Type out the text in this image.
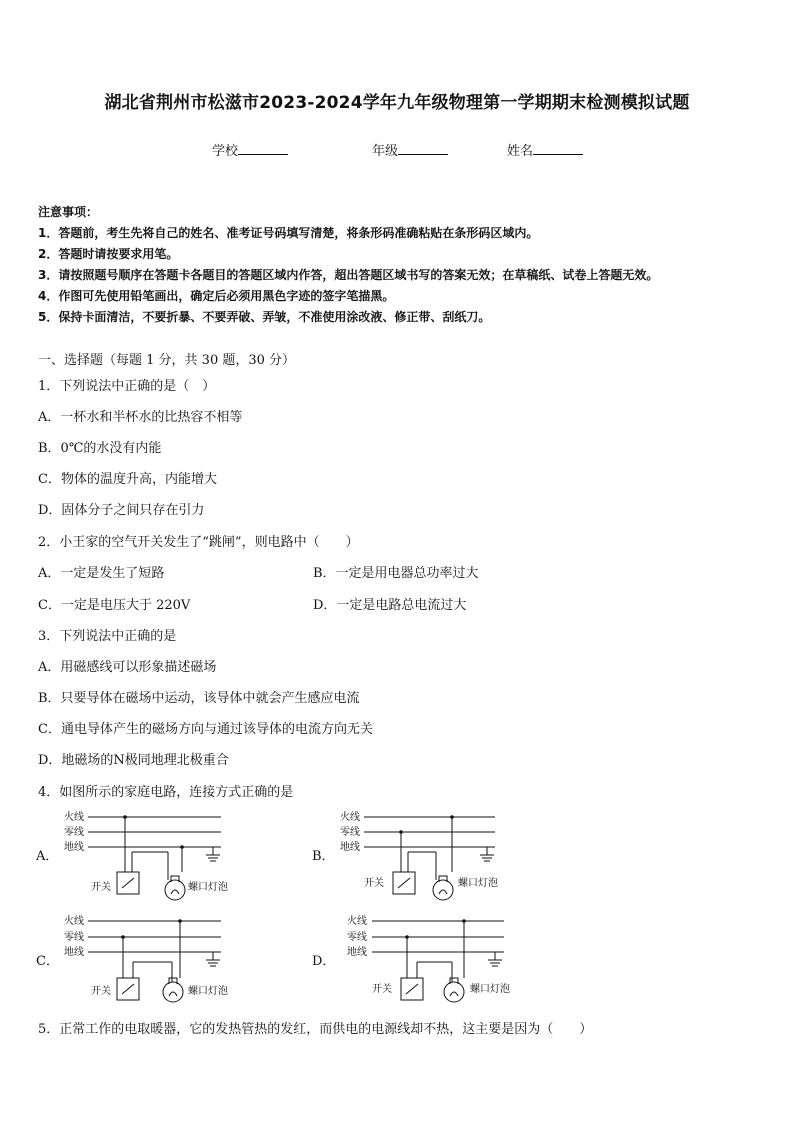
湖北省荆州市松滋市2023-2024学年九年级物理第一学期期末检测模拟试题
学校	年级	姓名
注意事项：
1．答题前，考生先将自己的姓名、准考证号码填写清楚，将条形码准确粘贴在条形码区域内。
2．答题时请按要求用笔。
3．请按照题号顺序在答题卡各题目的答题区域内作答，超出答题区域书写的答案无效；在草稿纸、试卷上答题无效。
4．作图可先使用铅笔画出，确定后必须用黑色字迹的签字笔描黑。
5．保持卡面清洁，不要折暴、不要弄破、弄皱，不准使用涂改液、修正带、刮纸刀。
一、选择题（每题 1 分，共 30 题，30 分）
1．下列说法中正确的是（　）
A．一杯水和半杯水的比热容不相等
B．0℃的水没有内能
C．物体的温度升高，内能增大
D．固体分子之间只存在引力
2．小王家的空气开关发生了“跳闸”，则电路中（　　）
A．一定是发生了短路	B．一定是用电器总功率过大
C．一定是电压大于 220V	D．一定是电路总电流过大
3．下列说法中正确的是
A．用磁感线可以形象描述磁场
B．只要导体在磁场中运动，该导体中就会产生感应电流
C．通电导体产生的磁场方向与通过该导体的电流方向无关
D．地磁场的N极同地理北极重合
4．如图所示的家庭电路，连接方式正确的是
A．
火线
零线
地线
开关	螺口灯泡
B．
火线
零线
地线
开关	螺口灯泡
C．
火线
零线
地线
开关	螺口灯泡
D．
火线
零线
地线
开关	螺口灯泡
5．正常工作的电取暖器，它的发热管热的发红，而供电的电源线却不热，这主要是因为（　　）
